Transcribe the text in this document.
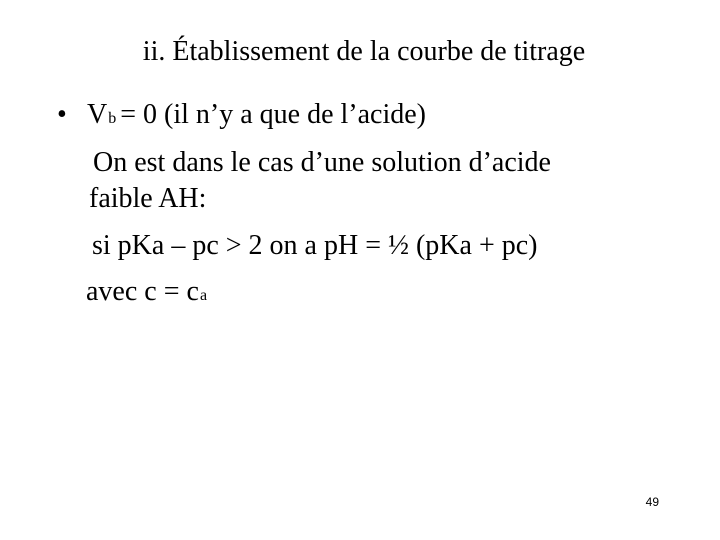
ii. Établissement de la courbe de titrage
• Vb = 0 (il n’y a que de l’acide)
On est dans le cas d’une solution d’acide
faible AH:
si pKa – pc > 2 on a pH = ½ (pKa + pc)
avec c = ca
49
